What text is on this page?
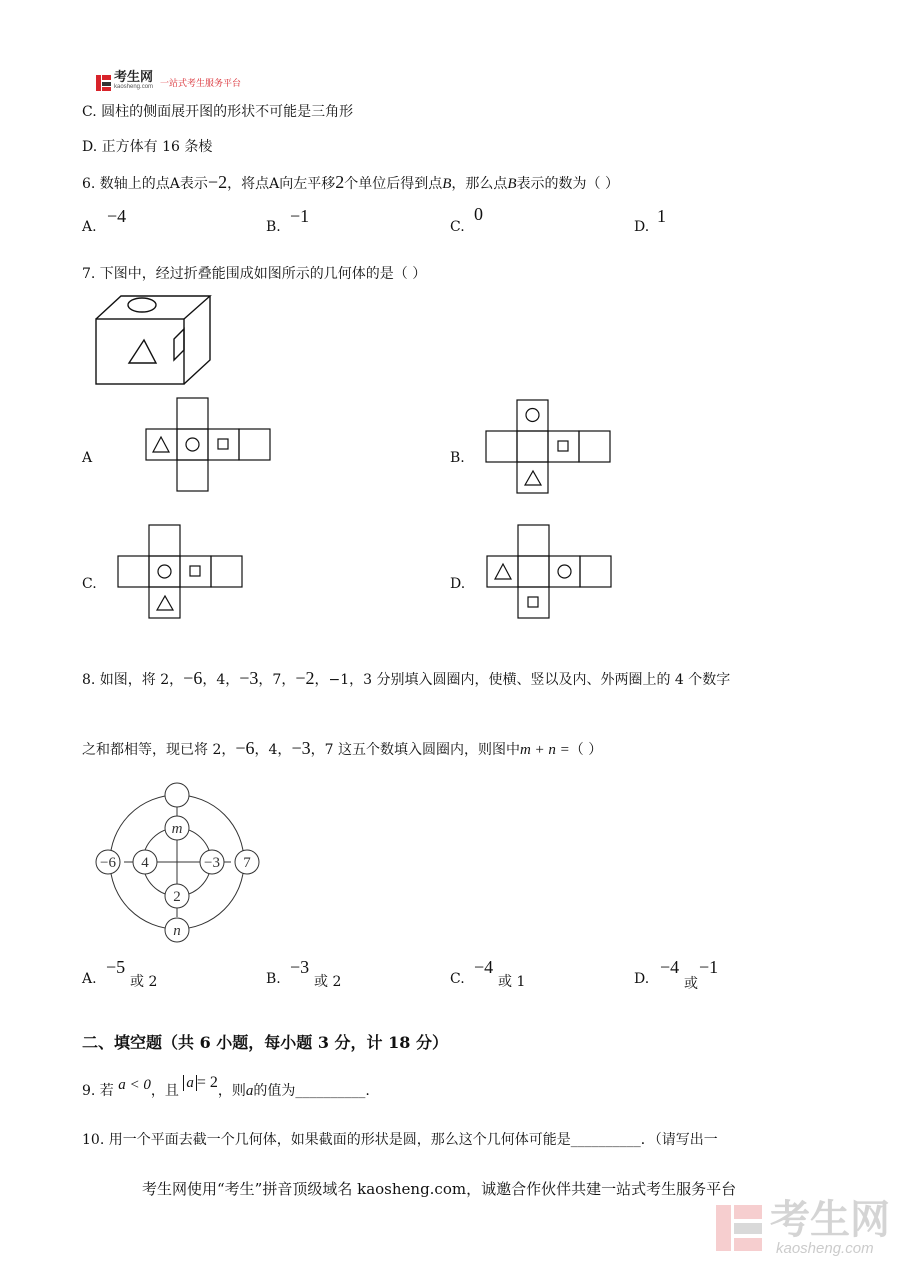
考生网
kaosheng.com 一站式考生服务平台
C. 圆柱的侧面展开图的形状不可能是三角形
D. 正方体有 16 条棱
6. 数轴上的点A表示−2，将点A向左平移2个单位后得到点B，那么点B表示的数为（ ）
A.
−4
B.
−1
C.
0
D.
1
7. 下图中，经过折叠能围成如图所示的几何体的是（ ）
A	B.
C.	D.
8. 如图，将 2，−6，4，−3，7，−2，−1，3 分别填入圆圈内，使横、竖以及内、外两圈上的 4 个数字
之和都相等，现已将 2，−6，4，−3，7 这五个数填入圆圈内，则图中m + n =（ ）
m
−6 4	−3 7
2
n
A.
−5
或 2	B.
−3
或 2	C.
−4
或 1	D.
−4
或
−1
二、填空题（共 6 小题，每小题 3 分，计 18 分）
9. 若 a < 0，且 a = 2，则a的值为__________.
10. 用一个平面去截一个几何体，如果截面的形状是圆，那么这个几何体可能是__________．（请写出一
考生网使用“考生”拼音顶级域名 kaosheng.com，诚邀合作伙伴共建一站式考生服务平台
考生网
kaosheng.com
